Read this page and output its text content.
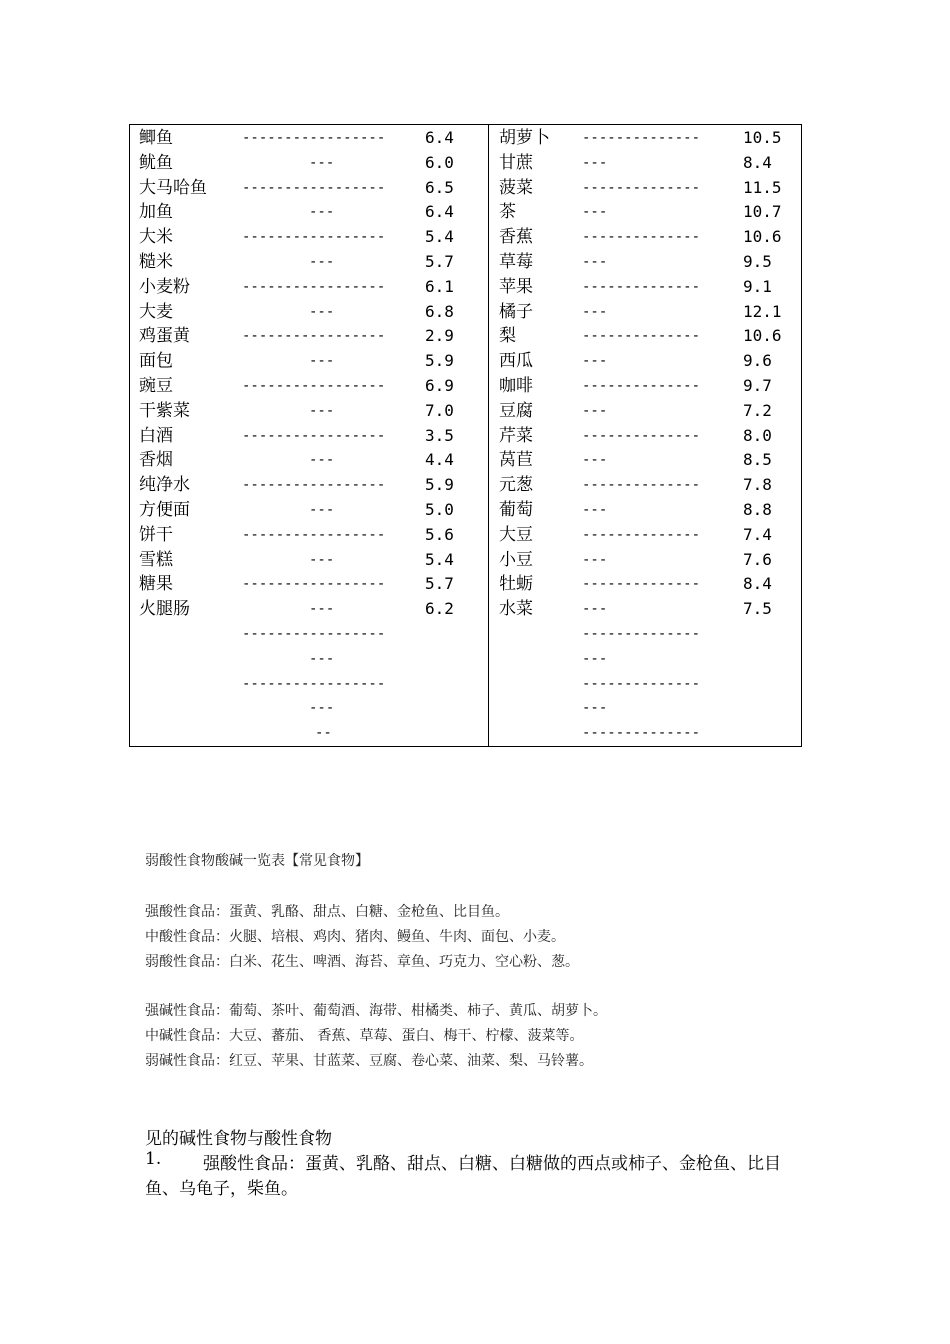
鲫鱼	----------------- 6.4
鱿鱼	---	6.0
大马哈鱼	----------------- 6.5
加鱼	---	6.4
大米	----------------- 5.4
糙米	---	5.7
小麦粉	----------------- 6.1
大麦	---	6.8
鸡蛋黄	----------------- 2.9
面包	---	5.9
豌豆	----------------- 6.9
干紫菜	---	7.0
白酒	----------------- 3.5
香烟	---	4.4
纯净水	----------------- 5.9
方便面	---	5.0
饼干	----------------- 5.6
雪糕	---	5.4
糖果	----------------- 5.7
火腿肠	---	6.2
-----------------
---
-----------------
---
--
胡萝卜 --------------	10.5
甘蔗	---	8.4
菠菜	--------------	11.5
茶	---	10.7
香蕉	--------------	10.6
草莓	---	9.5
苹果	--------------	9.1
橘子	---	12.1
梨	--------------	10.6
西瓜	---	9.6
咖啡	--------------	9.7
豆腐	---	7.2
芹菜	--------------	8.0
莴苣	---	8.5
元葱	--------------	7.8
葡萄	---	8.8
大豆	--------------	7.4
小豆	---	7.6
牡蛎	--------------	8.4
水菜	---	7.5
--------------
---
--------------
---
--------------
弱酸性食物酸碱一览表【常见食物】
强酸性食品：蛋黄、乳酪、甜点、白糖、金枪鱼、比目鱼。
中酸性食品：火腿、培根、鸡肉、猪肉、鳗鱼、牛肉、面包、小麦。
弱酸性食品：白米、花生、啤酒、海苔、章鱼、巧克力、空心粉、葱。
强碱性食品：葡萄、茶叶、葡萄酒、海带、柑橘类、柿子、黄瓜、胡萝卜。
中碱性食品：大豆、蕃茄、 香蕉、草莓、蛋白、梅干、柠檬、菠菜等。
弱碱性食品：红豆、苹果、甘蓝菜、豆腐、卷心菜、油菜、梨、马铃薯。
见的碱性食物与酸性食物
1. 强酸性食品：蛋黄、乳酪、甜点、白糖、白糖做的西点或柿子、金枪鱼、比目
鱼、乌龟子，柴鱼。
